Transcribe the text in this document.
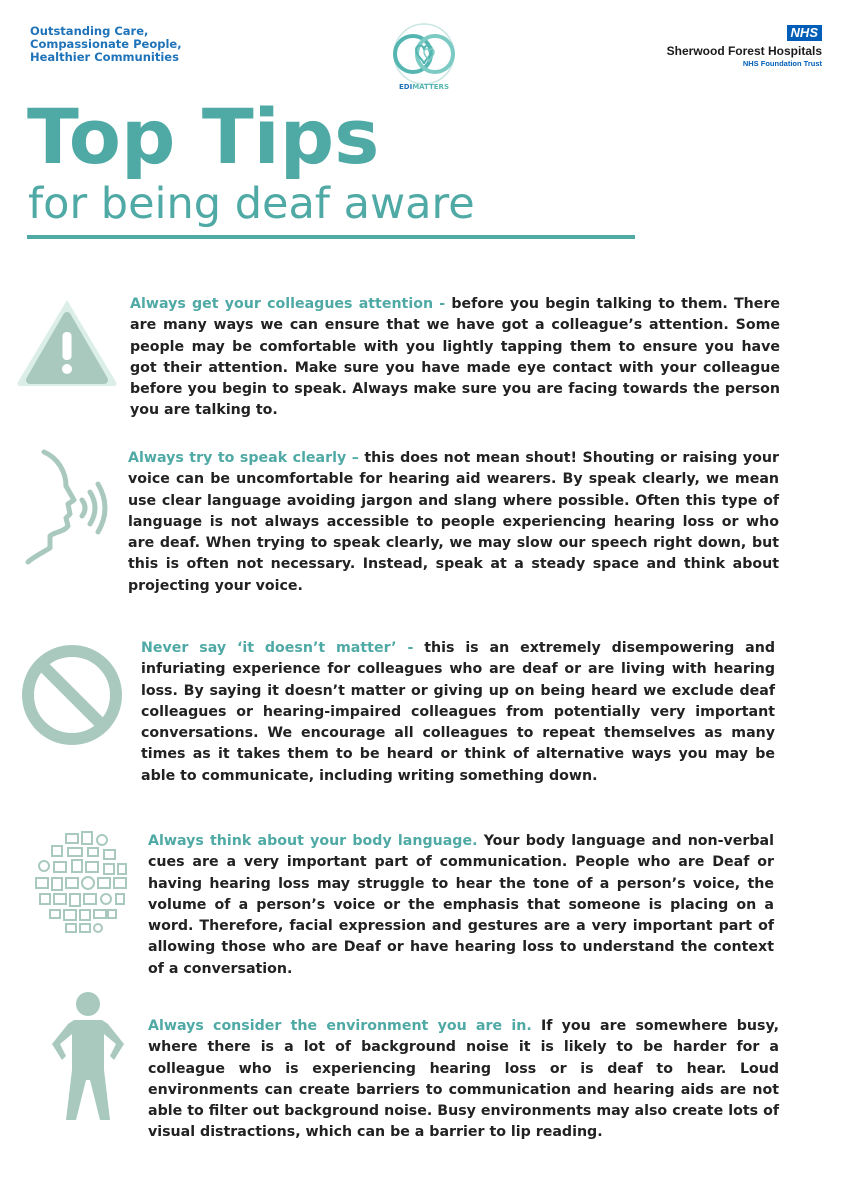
Outstanding Care,
Compassionate People,
Healthier Communities
EDIMATTERS
NHS
Sherwood Forest Hospitals
NHS Foundation Trust
Top Tips
for being deaf aware
Always get your colleagues attention - before you begin talking to them. There are many ways we can ensure that we have got a colleague’s attention. Some people may be comfortable with you lightly tapping them to ensure you have got their attention. Make sure you have made eye contact with your colleague before you begin to speak. Always make sure you are facing towards the person you are talking to.
Always try to speak clearly – this does not mean shout! Shouting or raising your voice can be uncomfortable for hearing aid wearers. By speak clearly, we mean use clear language avoiding jargon and slang where possible. Often this type of language is not always accessible to people experiencing hearing loss or who are deaf. When trying to speak clearly, we may slow our speech right down, but this is often not necessary. Instead, speak at a steady space and think about projecting your voice.
Never say ‘it doesn’t matter’ - this is an extremely disempowering and infuriating experience for colleagues who are deaf or are living with hearing loss. By saying it doesn’t matter or giving up on being heard we exclude deaf colleagues or hearing-impaired colleagues from potentially very important conversations. We encourage all colleagues to repeat themselves as many times as it takes them to be heard or think of alternative ways you may be able to communicate, including writing something down.
Always think about your body language. Your body language and non-verbal cues are a very important part of communication. People who are Deaf or having hearing loss may struggle to hear the tone of a person’s voice, the volume of a person’s voice or the emphasis that someone is placing on a word. Therefore, facial expression and gestures are a very important part of allowing those who are Deaf or have hearing loss to understand the context of a conversation.
Always consider the environment you are in. If you are somewhere busy, where there is a lot of background noise it is likely to be harder for a colleague who is experiencing hearing loss or is deaf to hear. Loud environments can create barriers to communication and hearing aids are not able to filter out background noise. Busy environments may also create lots of visual distractions, which can be a barrier to lip reading.
